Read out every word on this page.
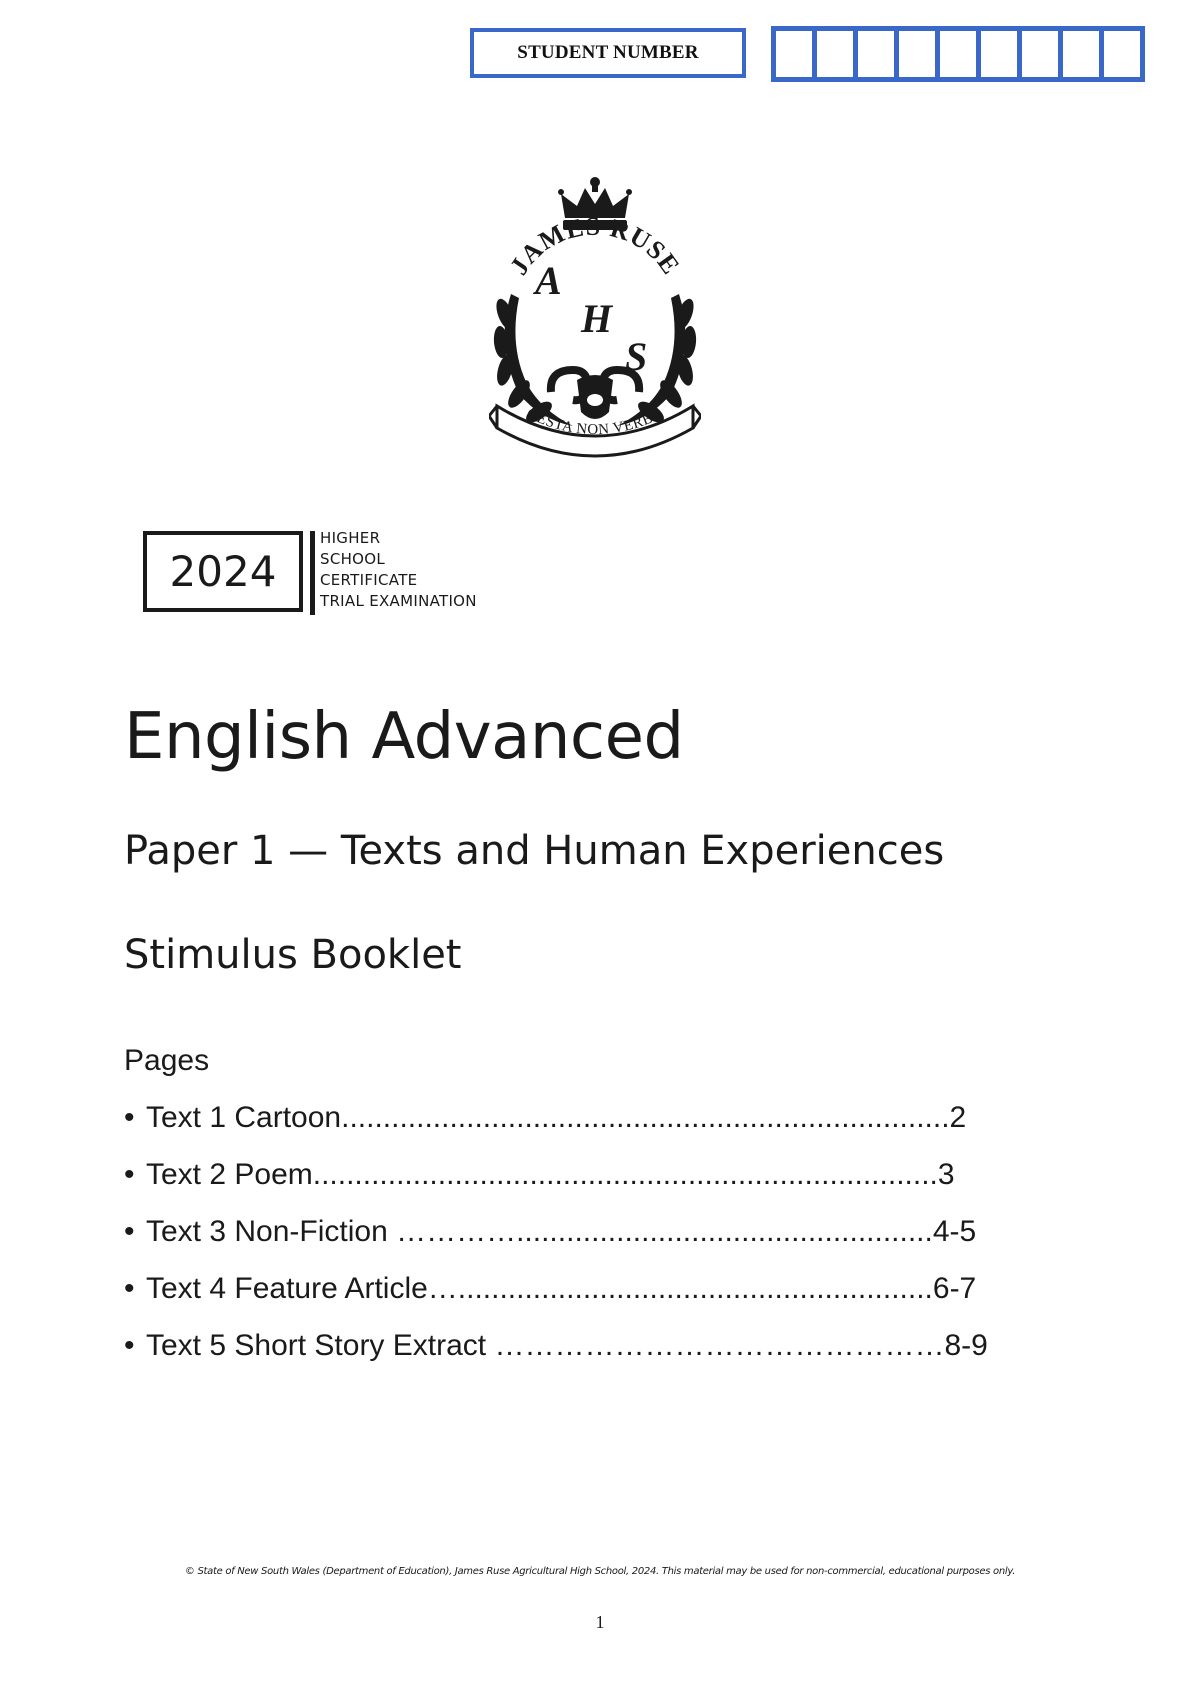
STUDENT NUMBER
JAMES RUSE
A
H
S
GESTA NON VERBA
2024
HIGHER
SCHOOL
CERTIFICATE
TRIAL EXAMINATION
English Advanced
Paper 1 — Texts and Human Experiences
Stimulus Booklet
Pages
• Text 1 Cartoon.........................................................................2
• Text 2 Poem...........................................................................3
• Text 3 Non-Fiction …………..................................................4-5
• Text 4 Feature Article….........................................................6-7
• Text 5 Short Story Extract ………………………………………8-9
© State of New South Wales (Department of Education), James Ruse Agricultural High School, 2024. This material may be used for non-commercial, educational purposes only.
1
